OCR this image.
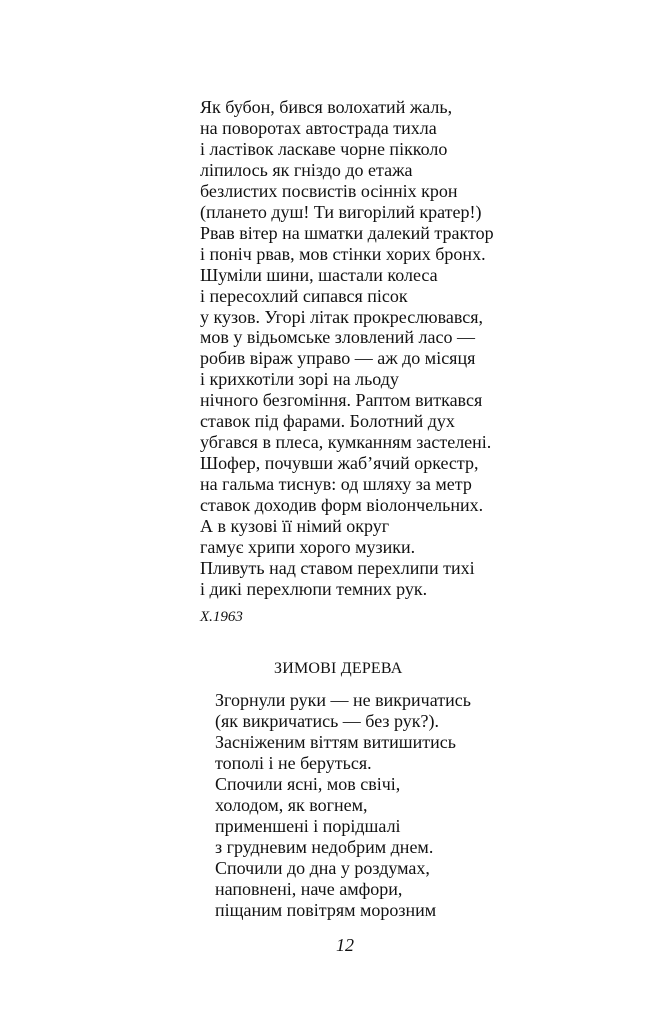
Як бубон, бився волохатий жаль,
на поворотах автострада тихла
і ластівок ласкаве чорне пікколо
ліпилось як гніздо до етажа
безлистих посвистів осінніх крон
(плането душ! Ти вигорілий кратер!)
Рвав вітер на шматки далекий трактор
і поніч рвав, мов стінки хорих бронх.
Шуміли шини, шастали колеса
і пересохлий сипався пісок
у кузов. Угорі літак прокреслювався,
мов у відьомське зловлений ласо —
робив віраж управо — аж до місяця
і крихкотіли зорі на льоду
нічного безгоміння. Раптом виткався
ставок під фарами. Болотний дух
убгався в плеса, кумканням застелені.
Шофер, почувши жаб’ячий оркестр,
на гальма тиснув: од шляху за метр
ставок доходив форм віолончельних.
А в кузові її німий округ
гамує хрипи хорого музики.
Пливуть над ставом перехлипи тихі
і дикі перехлюпи темних рук.
X.1963
ЗИМОВІ ДЕРЕВА
Згорнули руки — не викричатись
(як викричатись — без рук?).
Засніженим віттям витишитись
тополі і не беруться.
Спочили ясні, мов свічі,
холодом, як вогнем,
применшені і порідшалі
з грудневим недобрим днем.
Спочили до дна у роздумах,
наповнені, наче амфори,
піщаним повітрям морозним
12
